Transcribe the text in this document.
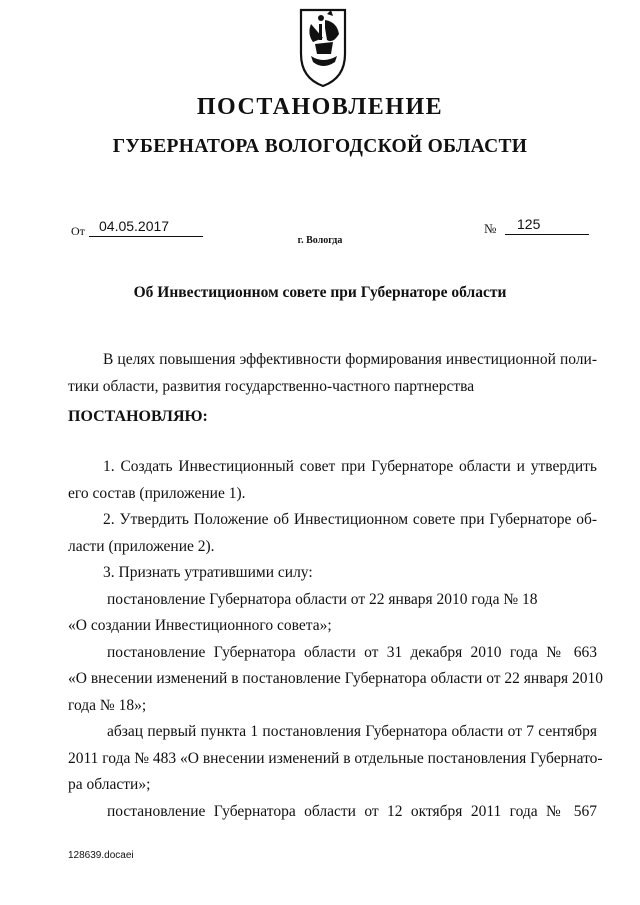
ПОСТАНОВЛЕНИЕ
ГУБЕРНАТОРА ВОЛОГОДСКОЙ ОБЛАСТИ
От	04.05.2017	№	125
г. Вологда
Об Инвестиционном совете при Губернаторе области
В целях повышения эффективности формирования инвестиционной поли-
тики области, развития государственно-частного партнерства
ПОСТАНОВЛЯЮ:
1. Создать Инвестиционный совет при Губернаторе области и утвердить
его состав (приложение 1).
2. Утвердить Положение об Инвестиционном совете при Губернаторе об-
ласти (приложение 2).
3. Признать утратившими силу:
постановление Губернатора области от 22 января 2010 года № 18
«О создании Инвестиционного совета»;
постановление Губернатора области от 31 декабря 2010 года № 663
«О внесении изменений в постановление Губернатора области от 22 января 2010
года № 18»;
абзац первый пункта 1 постановления Губернатора области от 7 сентября
2011 года № 483 «О внесении изменений в отдельные постановления Губернато-
ра области»;
постановление Губернатора области от 12 октября 2011 года № 567
128639.docaei
